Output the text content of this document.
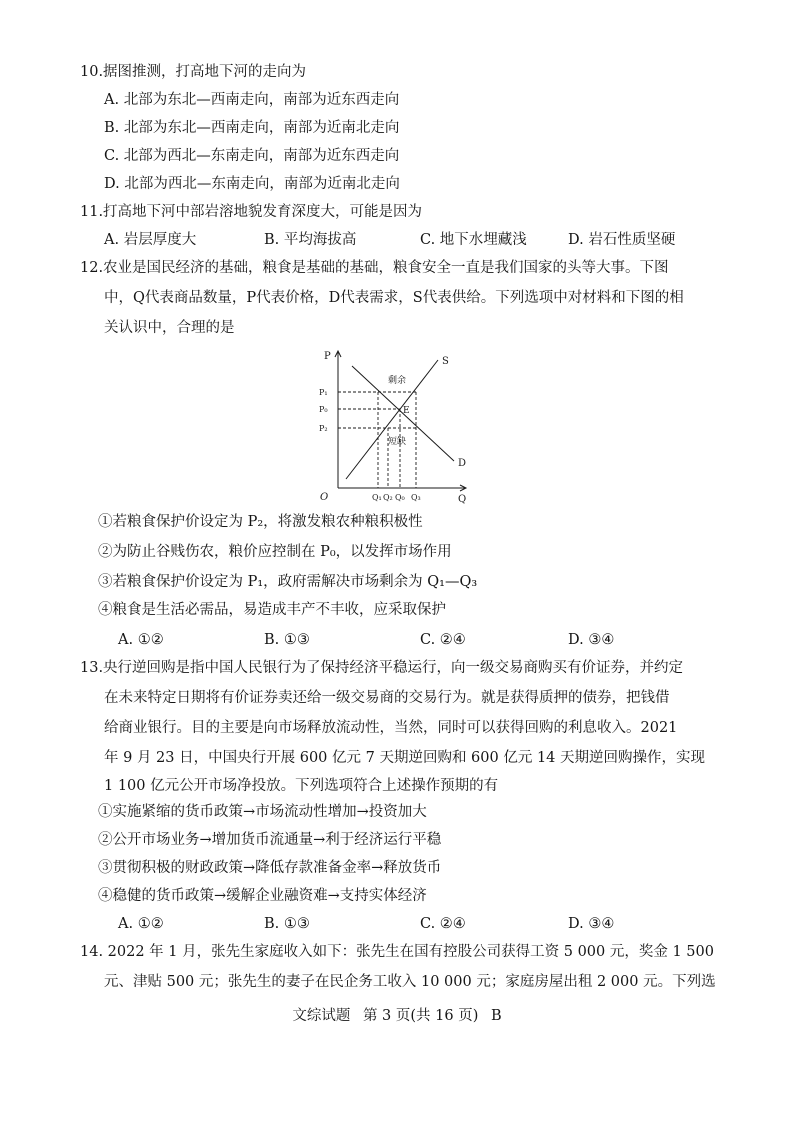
10.据图推测，打高地下河的走向为
A. 北部为东北—西南走向，南部为近东西走向
B. 北部为东北—西南走向，南部为近南北走向
C. 北部为西北—东南走向，南部为近东西走向
D. 北部为西北—东南走向，南部为近南北走向
11.打高地下河中部岩溶地貌发育深度大，可能是因为
A. 岩层厚度大	B. 平均海拔高	C. 地下水埋藏浅	D. 岩石性质坚硬
12.农业是国民经济的基础，粮食是基础的基础，粮食安全一直是我们国家的头等大事。下图
中，Q代表商品数量，P代表价格，D代表需求，S代表供给。下列选项中对材料和下图的相
关认识中，合理的是
P
Q
O
S
D
E
剩余
短缺
P₁
P₀
P₂
Q₁ Q₂ Q₀ Q₃
①若粮食保护价设定为 P₂，将激发粮农种粮积极性
②为防止谷贱伤农，粮价应控制在 P₀，以发挥市场作用
③若粮食保护价设定为 P₁，政府需解决市场剩余为 Q₁—Q₃
④粮食是生活必需品，易造成丰产不丰收，应采取保护
A. ①②	B. ①③	C. ②④	D. ③④
13.央行逆回购是指中国人民银行为了保持经济平稳运行，向一级交易商购买有价证券，并约定
在未来特定日期将有价证券卖还给一级交易商的交易行为。就是获得质押的债券，把钱借
给商业银行。目的主要是向市场释放流动性，当然，同时可以获得回购的利息收入。2021
年 9 月 23 日，中国央行开展 600 亿元 7 天期逆回购和 600 亿元 14 天期逆回购操作，实现
1 100 亿元公开市场净投放。下列选项符合上述操作预期的有
①实施紧缩的货币政策→市场流动性增加→投资加大
②公开市场业务→增加货币流通量→利于经济运行平稳
③贯彻积极的财政政策→降低存款准备金率→释放货币
④稳健的货币政策→缓解企业融资难→支持实体经济
A. ①②	B. ①③	C. ②④	D. ③④
14. 2022 年 1 月，张先生家庭收入如下：张先生在国有控股公司获得工资 5 000 元，奖金 1 500
元、津贴 500 元；张先生的妻子在民企务工收入 10 000 元；家庭房屋出租 2 000 元。下列选
文综试题 第 3 页(共 16 页) B
